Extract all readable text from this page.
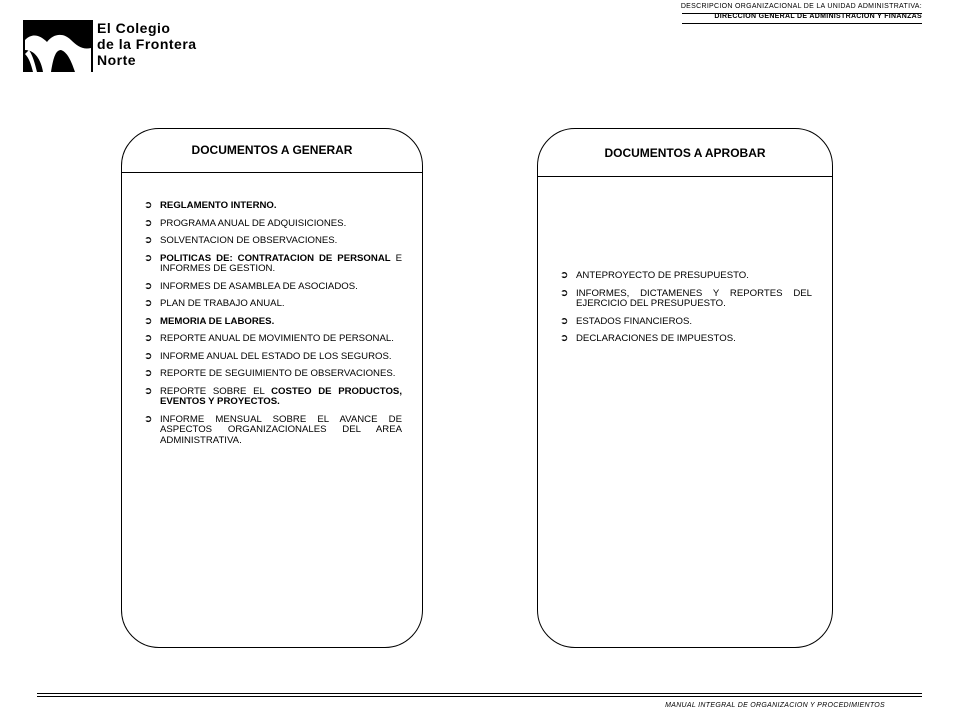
DESCRIPCION ORGANIZACIONAL DE LA UNIDAD ADMINISTRATIVA:
DIRECCION GENERAL DE ADMINISTRACION Y FINANZAS
El Colegio
de la Frontera
Norte
DOCUMENTOS A GENERAR
➲ REGLAMENTO INTERNO.
➲ PROGRAMA ANUAL DE ADQUISICIONES.
➲ SOLVENTACION DE OBSERVACIONES.
➲ POLITICAS DE: CONTRATACION DE PERSONAL E INFORMES DE GESTION.
➲ INFORMES DE ASAMBLEA DE ASOCIADOS.
➲ PLAN DE TRABAJO ANUAL.
➲ MEMORIA DE LABORES.
➲ REPORTE ANUAL DE MOVIMIENTO DE PERSONAL.
➲ INFORME ANUAL DEL ESTADO DE LOS SEGUROS.
➲ REPORTE DE SEGUIMIENTO DE OBSERVACIONES.
➲ REPORTE SOBRE EL COSTEO DE PRODUCTOS, EVENTOS Y PROYECTOS.
➲ INFORME MENSUAL SOBRE EL AVANCE DE ASPECTOS ORGANIZACIONALES DEL AREA ADMINISTRATIVA.
DOCUMENTOS A APROBAR
➲ ANTEPROYECTO DE PRESUPUESTO.
➲ INFORMES, DICTAMENES Y REPORTES DEL EJERCICIO DEL PRESUPUESTO.
➲ ESTADOS FINANCIEROS.
➲ DECLARACIONES DE IMPUESTOS.
MANUAL INTEGRAL DE ORGANIZACION Y PROCEDIMIENTOS
